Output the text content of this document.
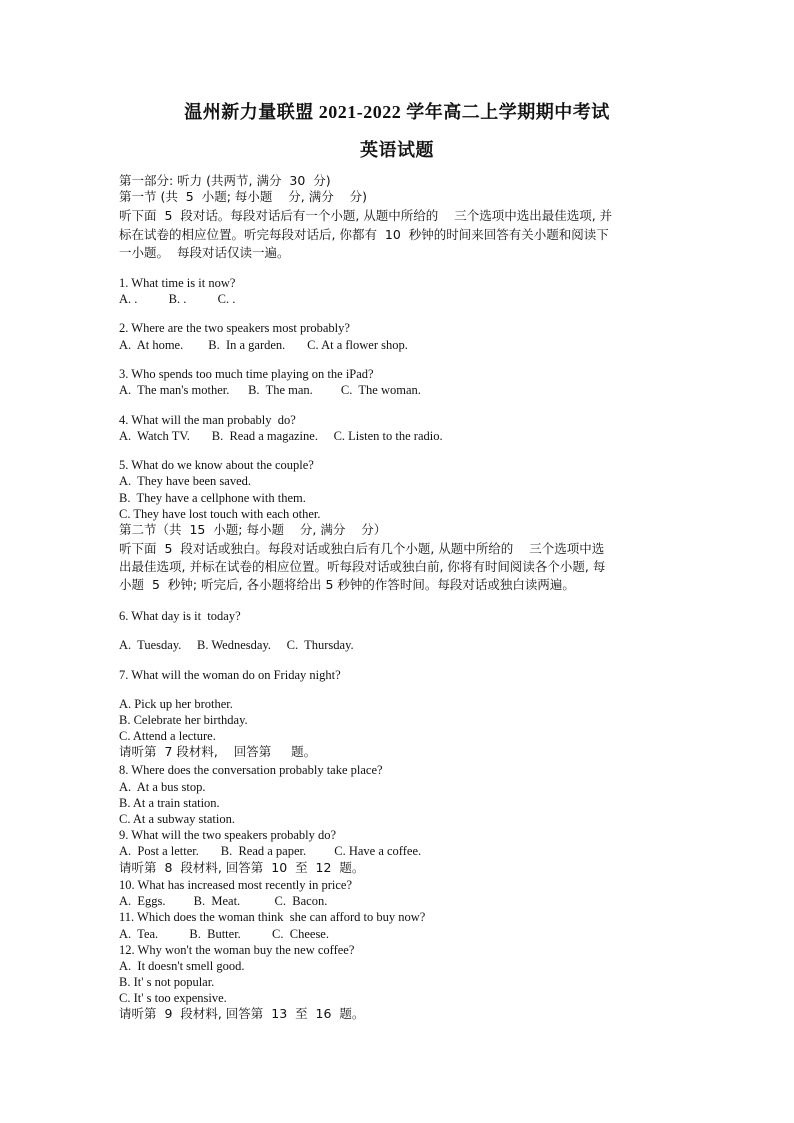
温州新力量联盟 2021-2022 学年高二上学期期中考试
英语试题
第一部分: 听力 (共两节, 满分  30  分)
第一节 (共  5  小题; 每小题    分, 满分    分)
听下面  5  段对话。每段对话后有一个小题, 从题中所给的    三个选项中选出最佳选项, 并
标在试卷的相应位置。听完每段对话后, 你都有  10  秒钟的时间来回答有关小题和阅读下
一小题。  每段对话仅读一遍。
1. What time is it now?
A. .          B. .          C. .
2. Where are the two speakers most probably?
A.  At home.        B.  In a garden.       C. At a flower shop.
3. Who spends too much time playing on the iPad?
A.  The man's mother.      B.  The man.         C.  The woman.
4. What will the man probably  do?
A.  Watch TV.       B.  Read a magazine.     C. Listen to the radio.
5. What do we know about the couple?
A.  They have been saved.
B.  They have a cellphone with them.
C. They have lost touch with each other.
第二节（共  15  小题; 每小题    分, 满分    分）
听下面  5  段对话或独白。每段对话或独白后有几个小题, 从题中所给的    三个选项中选
出最佳选项, 并标在试卷的相应位置。听每段对话或独白前, 你将有时间阅读各个小题, 每
小题  5  秒钟; 听完后, 各小题将给出 5 秒钟的作答时间。每段对话或独白读两遍。
6. What day is it  today?
A.  Tuesday.     B. Wednesday.     C.  Thursday.
7. What will the woman do on Friday night?
A. Pick up her brother.
B. Celebrate her birthday.
C. Attend a lecture.
请听第  7 段材料,    回答第     题。
8. Where does the conversation probably take place?
A.  At a bus stop.
B. At a train station.
C. At a subway station.
9. What will the two speakers probably do?
A.  Post a letter.       B.  Read a paper.         C. Have a coffee.
请听第  8  段材料, 回答第  10  至  12  题。
10. What has increased most recently in price?
A.  Eggs.         B.  Meat.           C.  Bacon.
11. Which does the woman think  she can afford to buy now?
A.  Tea.          B.  Butter.          C.  Cheese.
12. Why won't the woman buy the new coffee?
A.  It doesn't smell good.
B. It' s not popular.
C. It' s too expensive.
请听第  9  段材料, 回答第  13  至  16  题。
